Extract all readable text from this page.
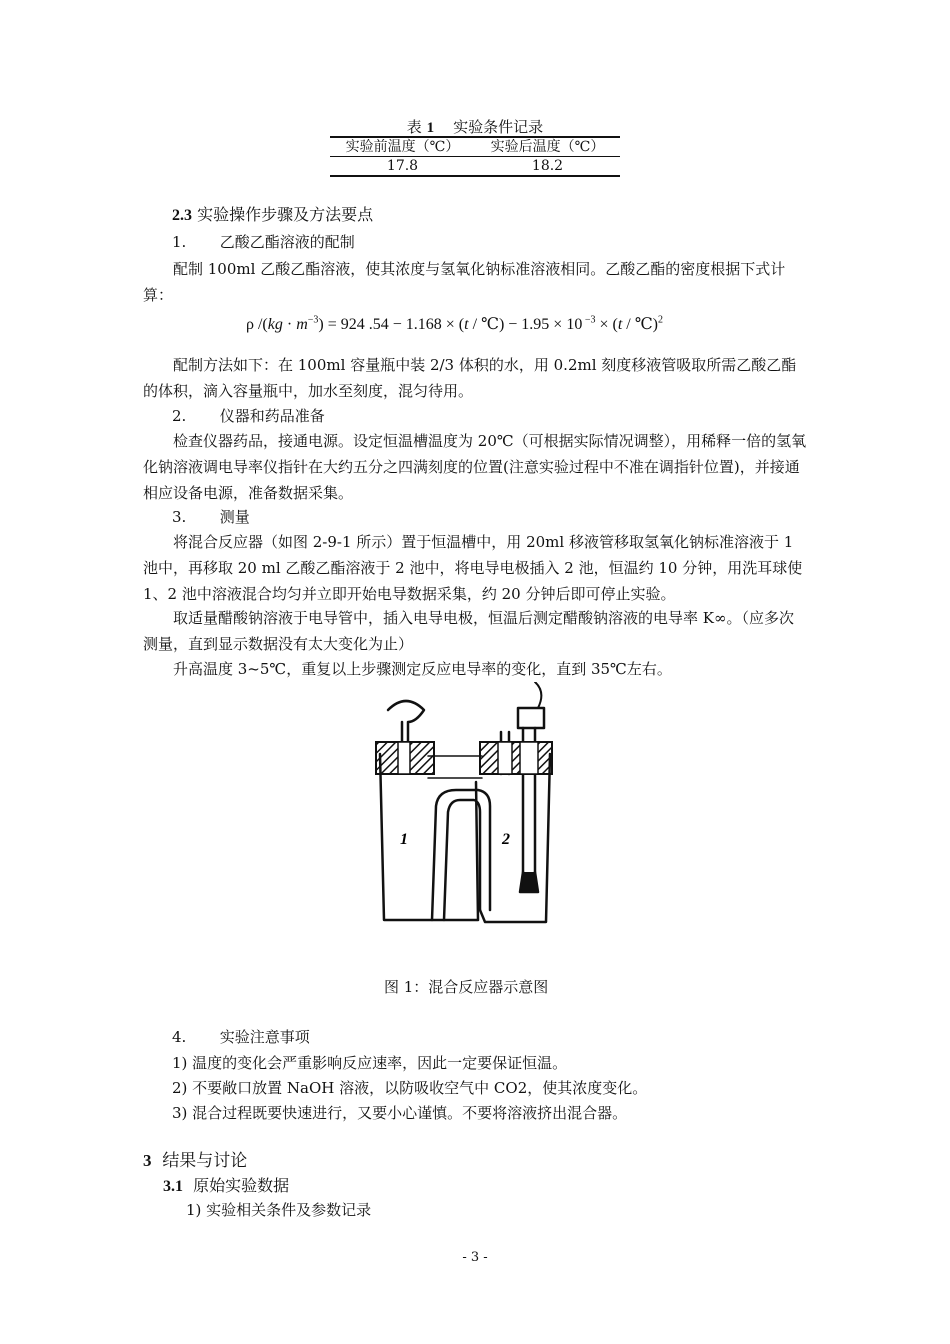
表 1 实验条件记录
实验前温度（℃）	实验后温度（℃）
17.8	18.2
2.3 实验操作步骤及方法要点
1. 乙酸乙酯溶液的配制
配制 100ml 乙酸乙酯溶液，使其浓度与氢氧化钠标准溶液相同。乙酸乙酯的密度根据下式计算：
ρ $/(kg \cdot m^{-3}) = 924$ .54 − 1.168 × (t / ℃) − 1.95 × 10 $^{-3}$ × (t / ℃)$^2$
配制方法如下：在 100ml 容量瓶中装 2/3 体积的水，用 0.2ml 刻度移液管吸取所需乙酸乙酯的体积，滴入容量瓶中，加水至刻度，混匀待用。
2. 仪器和药品准备
检查仪器药品，接通电源。设定恒温槽温度为 20℃（可根据实际情况调整），用稀释一倍的氢氧化钠溶液调电导率仪指针在大约五分之四满刻度的位置(注意实验过程中不准在调指针位置)，并接通相应设备电源，准备数据采集。
3. 测量
将混合反应器（如图 2-9-1 所示）置于恒温槽中，用 20ml 移液管移取氢氧化钠标准溶液于 1 池中，再移取 20 ml 乙酸乙酯溶液于 2 池中，将电导电极插入 2 池，恒温约 10 分钟，用洗耳球使 1、2 池中溶液混合均匀并立即开始电导数据采集，约 20 分钟后即可停止实验。
取适量醋酸钠溶液于电导管中，插入电导电极，恒温后测定醋酸钠溶液的电导率 K∞。（应多次测量，直到显示数据没有太大变化为止）
升高温度 3~5℃，重复以上步骤测定反应电导率的变化，直到 35℃左右。
1	2
图 1：混合反应器示意图
4. 实验注意事项
1) 温度的变化会严重影响反应速率，因此一定要保证恒温。
2) 不要敞口放置 NaOH 溶液，以防吸收空气中 CO2，使其浓度变化。
3) 混合过程既要快速进行，又要小心谨慎。不要将溶液挤出混合器。
3 结果与讨论
3.1 原始实验数据
1) 实验相关条件及参数记录
- 3 -
